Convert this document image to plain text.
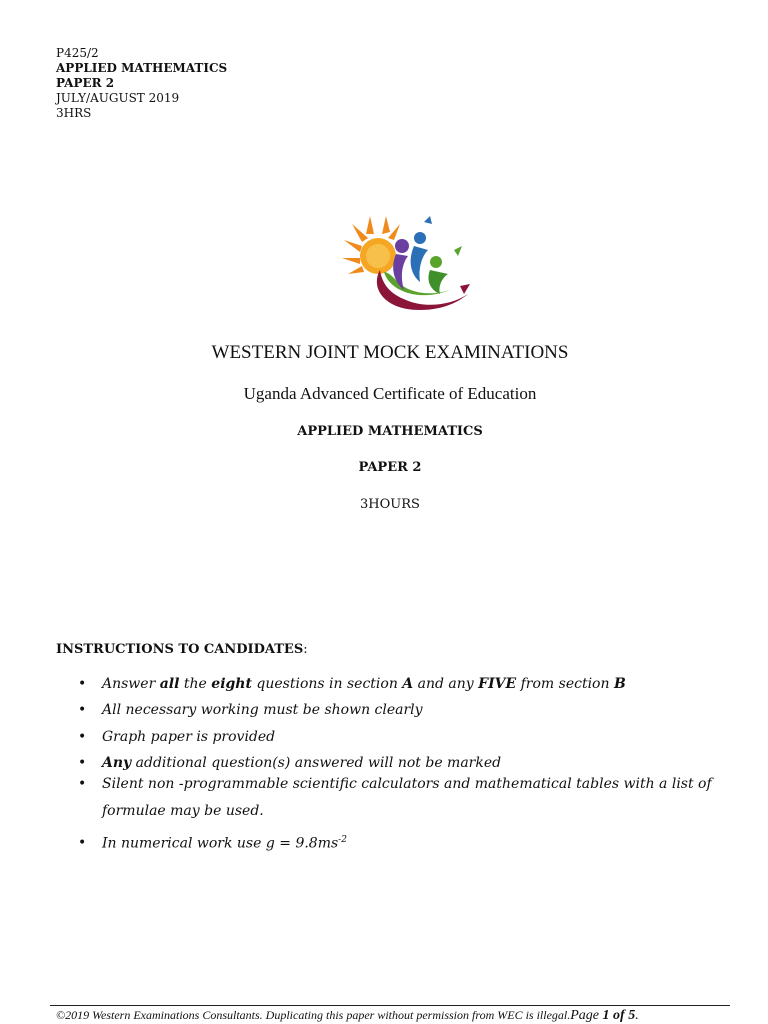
P425/2
APPLIED MATHEMATICS
PAPER 2
JULY/AUGUST 2019
3HRS
WESTERN JOINT MOCK EXAMINATIONS
Uganda Advanced Certificate of Education
APPLIED MATHEMATICS
PAPER 2
3HOURS
INSTRUCTIONS TO CANDIDATES:
• Answer all the eight questions in section A and any FIVE from section B
• All necessary working must be shown clearly
• Graph paper is provided
• Any additional question(s) answered will not be marked
• Silent non -programmable scientific calculators and mathematical tables with a list of formulae may be used.
• In numerical work use $g = 9.8ms^{-2}$
©2019 Western Examinations Consultants. Duplicating this paper without permission from WEC is illegal.Page 1 of 5.
